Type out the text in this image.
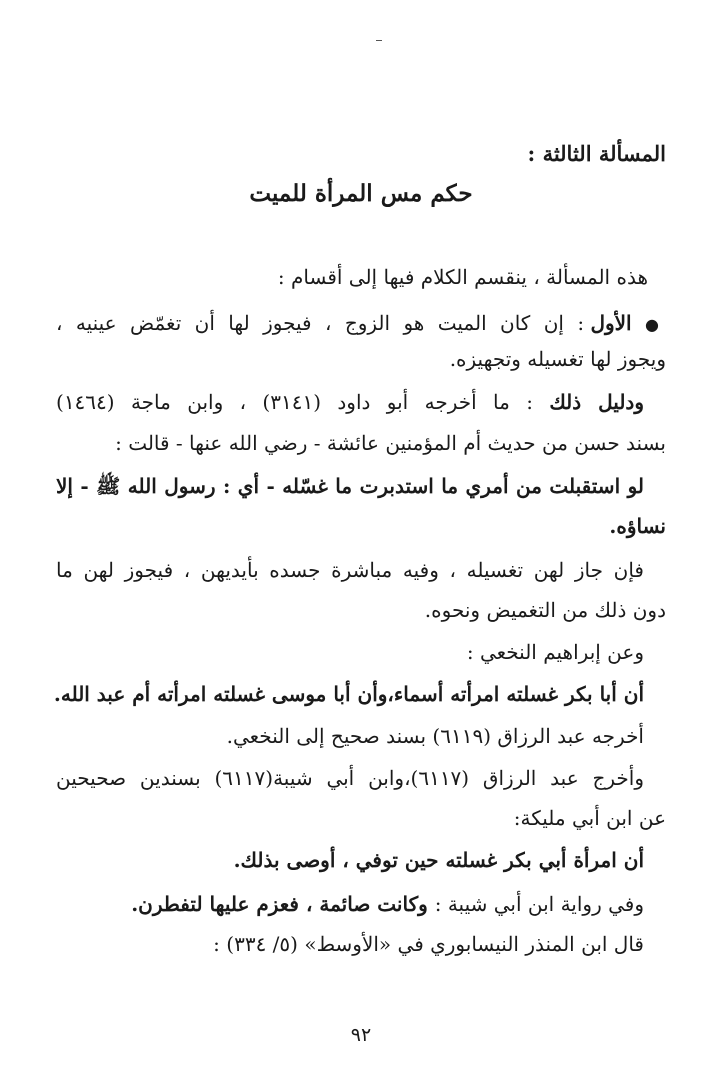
المسألة الثالثة :
حكم مس المرأة للميت
هذه المسألة ، ينقسم الكلام فيها إلى أقسام :
● الأول : إن كان الميت هو الزوج ، فيجوز لها أن تغمّض عينيه ،
ويجوز لها تغسيله وتجهيزه.
ودليل ذلك : ما أخرجه أبو داود (٣١٤١) ، وابن ماجة (١٤٦٤)
بسند حسن من حديث أم المؤمنين عائشة - رضي الله عنها - قالت :
لو استقبلت من أمري ما استدبرت ما غسّله - أي : رسول الله ﷺ - إلا
نساؤه.
فإن جاز لهن تغسيله ، وفيه مباشرة جسده بأيديهن ، فيجوز لهن ما
دون ذلك من التغميض ونحوه.
وعن إبراهيم النخعي :
أن أبا بكر غسلته امرأته أسماء،وأن أبا موسى غسلته امرأته أم عبد الله.
أخرجه عبد الرزاق (٦١١٩) بسند صحيح إلى النخعي.
وأخرج عبد الرزاق (٦١١٧)،وابن أبي شيبة(٦١١٧) بسندين صحيحين
عن ابن أبي مليكة:
أن امرأة أبي بكر غسلته حين توفي ، أوصى بذلك.
وفي رواية ابن أبي شيبة : وكانت صائمة ، فعزم عليها لتفطرن.
قال ابن المنذر النيسابوري في «الأوسط» (٥/ ٣٣٤) :
٩٢
